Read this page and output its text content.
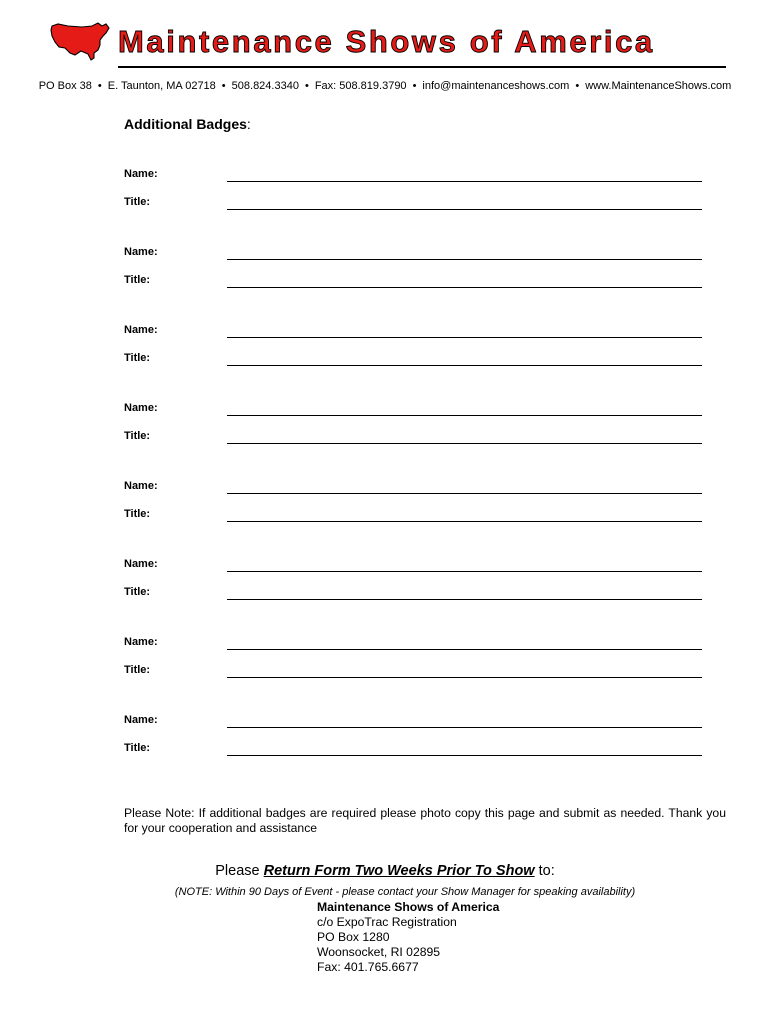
Maintenance Shows of America
PO Box 38 • E. Taunton, MA 02718 • 508.824.3340 • Fax: 508.819.3790 • info@maintenanceshows.com • www.MaintenanceShows.com
Additional Badges:
Name:
Title:
Name:
Title:
Name:
Title:
Name:
Title:
Name:
Title:
Name:
Title:
Name:
Title:
Name:
Title:
Please Note: If additional badges are required please photo copy this page and submit as needed. Thank you for your cooperation and assistance
Please Return Form Two Weeks Prior To Show to:
(NOTE: Within 90 Days of Event - please contact your Show Manager for speaking availability)
Maintenance Shows of America
c/o ExpoTrac Registration
PO Box 1280
Woonsocket, RI 02895
Fax: 401.765.6677
